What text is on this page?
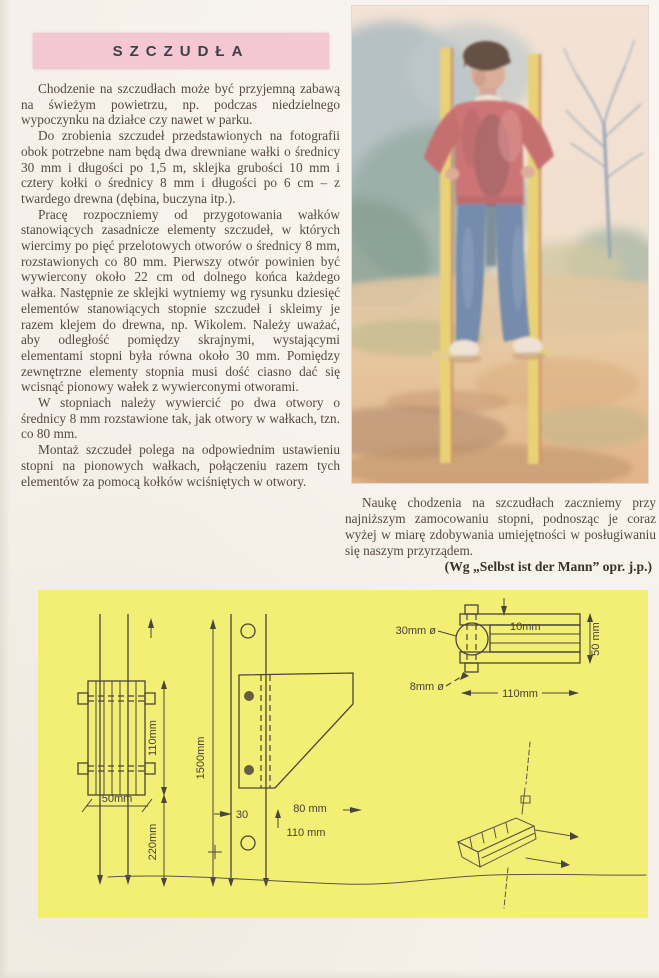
SZCZUDŁA

Chodzenie na szczudłach może być przyjemną zabawą na świeżym powietrzu, np. podczas niedzielnego wypoczynku na działce czy nawet w parku.

Do zrobienia szczudeł przedstawionych na fotografii obok potrzebne nam będą dwa drewniane wałki o średnicy 30 mm i długości po 1,5 m, sklejka grubości 10 mm i cztery kołki o średnicy 8 mm i długości po 6 cm – z twardego drewna (dębina, buczyna itp.).

Pracę rozpoczniemy od przygotowania wałków stanowiących zasadnicze elementy szczudeł, w których wiercimy po pięć przelotowych otworów o średnicy 8 mm, rozstawionych co 80 mm. Pierwszy otwór powinien być wywiercony około 22 cm od dolnego końca każdego wałka. Następnie ze sklejki wytniemy wg rysunku dziesięć elementów stanowiących stopnie szczudeł i skleimy je razem klejem do drewna, np. Wikolem. Należy uważać, aby odległość pomiędzy skrajnymi, wystającymi elementami stopni była równa około 30 mm. Pomiędzy zewnętrzne elementy stopnia musi dość ciasno dać się wcisnąć pionowy wałek z wywierconymi otworami.

W stopniach należy wywiercić po dwa otwory o średnicy 8 mm rozstawione tak, jak otwory w wałkach, tzn. co 80 mm.

Montaż szczudeł polega na odpowiednim ustawieniu stopni na pionowych wałkach, połączeniu razem tych elementów za pomocą kołków wciśniętych w otwory.

Naukę chodzenia na szczudłach zaczniemy przy najniższym zamocowaniu stopni, podnosząc je coraz wyżej w miarę zdobywania umiejętności w posługiwaniu się naszym przyrządem.

(Wg „Selbst ist der Mann” opr. j.p.)

110mm
50mm
220mm
1500mm
30	80 mm
110 mm
30mm ø	10mm	50 mm
8mm ø
110mm
